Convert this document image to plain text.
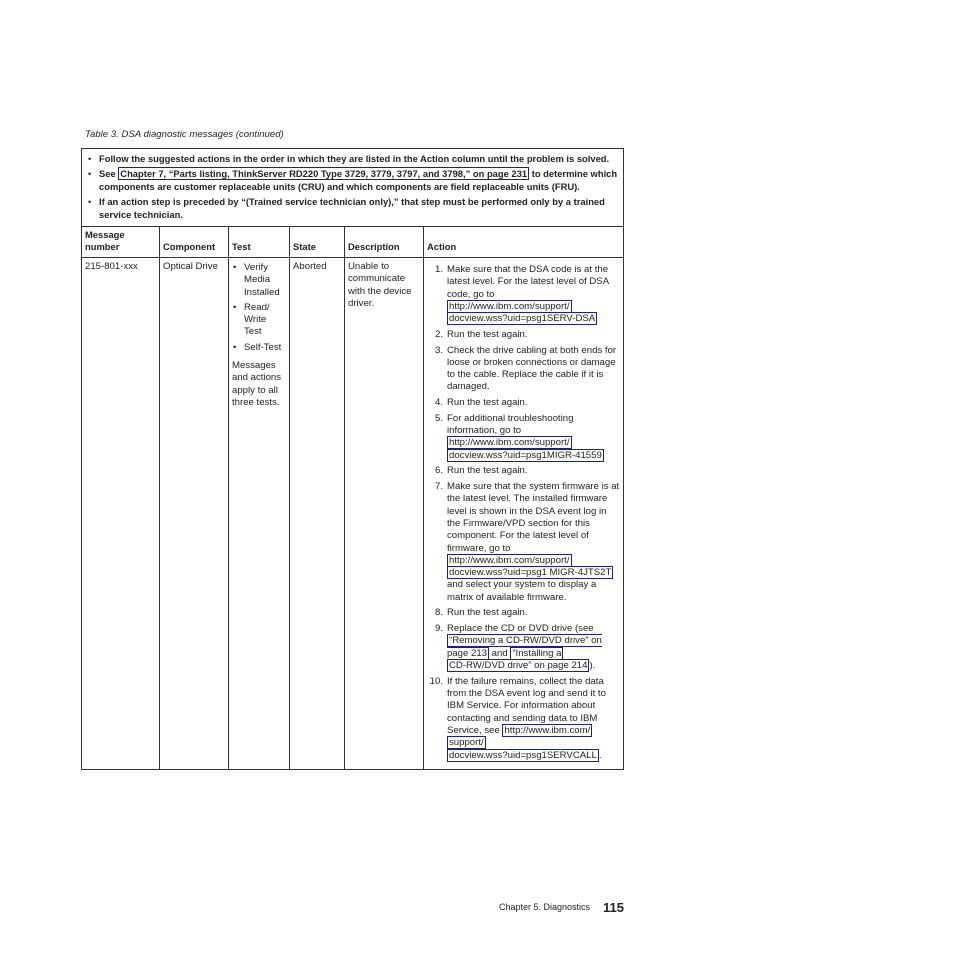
Table 3. DSA diagnostic messages (continued)
• Follow the suggested actions in the order in which they are listed in the Action column until the problem is solved.
• See Chapter 7, “Parts listing, ThinkServer RD220 Type 3729, 3779, 3797, and 3798,” on page 231 to determine which components are customer replaceable units (CRU) and which components are field replaceable units (FRU).
• If an action step is preceded by “(Trained service technician only),” that step must be performed only by a trained service technician.
Message number	Component	Test	State	Description	Action
215-801-xxx	Optical Drive
•	Verify Media Installed
• Read/ Write Test
• Self-Test
Messages and actions apply to all three tests.
Aborted	Unable to communicate with the device driver.
1. Make sure that the DSA code is at the latest level. For the latest level of DSA code, go to http://www.ibm.com/support/
docview.wss?uid=psg1SERV-DSA
2. Run the test again.
3. Check the drive cabling at both ends for loose or broken connections or damage to the cable. Replace the cable if it is damaged.
4. Run the test again.
5. For additional troubleshooting information, go to http://www.ibm.com/support/
docview.wss?uid=psg1MIGR-41559
6. Run the test again.
7. Make sure that the system firmware is at the latest level. The installed firmware level is shown in the DSA event log in the Firmware/VPD section for this component. For the latest level of firmware, go to http://www.ibm.com/support/
docview.wss?uid=psg1 MIGR-4JTS2T and select your system to display a matrix of available firmware.
8. Run the test again.
9. Replace the CD or DVD drive (see
“Removing a CD-RW/DVD drive” on page 213 and “Installing a
CD-RW/DVD drive” on page 214 ).
10. If the failure remains, collect the data from the DSA event log and send it to IBM Service. For information about contacting and sending data to IBM Service, see http://www.ibm.com/
support/
docview.wss?uid=psg1SERVCALL .
Chapter 5. Diagnostics 115
